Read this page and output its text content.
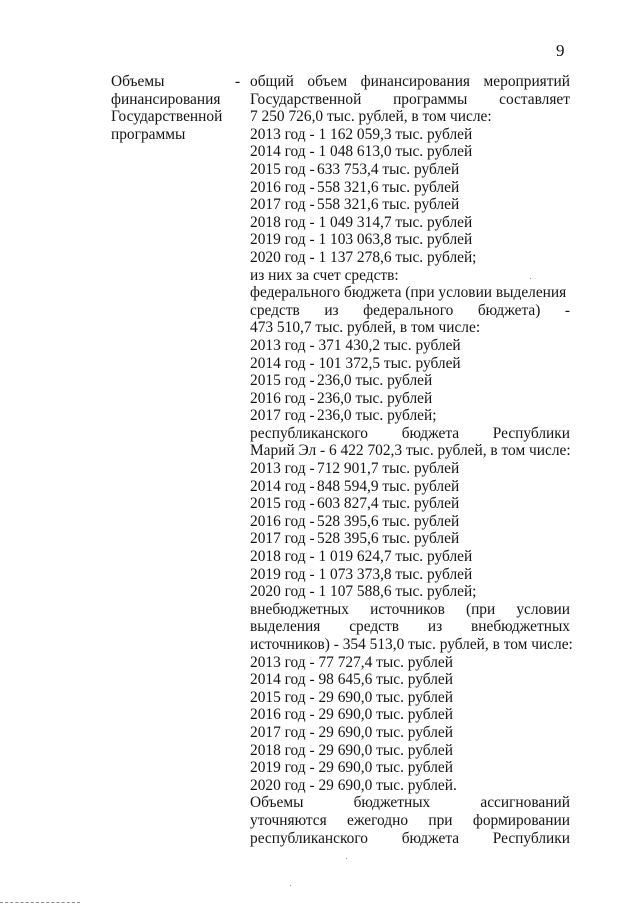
9
Объемы
финансирования
Государственной
программы
- общий объем финансирования мероприятий
Государственной программы составляет
7 250 726,0 тыс. рублей, в том числе:
2013 год - 1 162 059,3 тыс. рублей
2014 год - 1 048 613,0 тыс. рублей
2015 год - 633 753,4 тыс. рублей
2016 год - 558 321,6 тыс. рублей
2017 год - 558 321,6 тыс. рублей
2018 год - 1 049 314,7 тыс. рублей
2019 год - 1 103 063,8 тыс. рублей
2020 год - 1 137 278,6 тыс. рублей;
из них за счет средств:
федерального бюджета (при условии выделения
средств из федерального бюджета) -
473 510,7 тыс. рублей, в том числе:
2013 год - 371 430,2 тыс. рублей
2014 год - 101 372,5 тыс. рублей
2015 год - 236,0 тыс. рублей
2016 год - 236,0 тыс. рублей
2017 год - 236,0 тыс. рублей;
республиканского бюджета Республики
Марий Эл - 6 422 702,3 тыс. рублей, в том числе:
2013 год - 712 901,7 тыс. рублей
2014 год - 848 594,9 тыс. рублей
2015 год - 603 827,4 тыс. рублей
2016 год - 528 395,6 тыс. рублей
2017 год - 528 395,6 тыс. рублей
2018 год - 1 019 624,7 тыс. рублей
2019 год - 1 073 373,8 тыс. рублей
2020 год - 1 107 588,6 тыс. рублей;
внебюджетных источников (при условии
выделения средств из внебюджетных
источников) - 354 513,0 тыс. рублей, в том числе:
2013 год - 77 727,4 тыс. рублей
2014 год - 98 645,6 тыс. рублей
2015 год - 29 690,0 тыс. рублей
2016 год - 29 690,0 тыс. рублей
2017 год - 29 690,0 тыс. рублей
2018 год - 29 690,0 тыс. рублей
2019 год - 29 690,0 тыс. рублей
2020 год - 29 690,0 тыс. рублей.
Объемы	бюджетных	ассигнований
уточняются ежегодно при формировании
республиканского бюджета Республики
